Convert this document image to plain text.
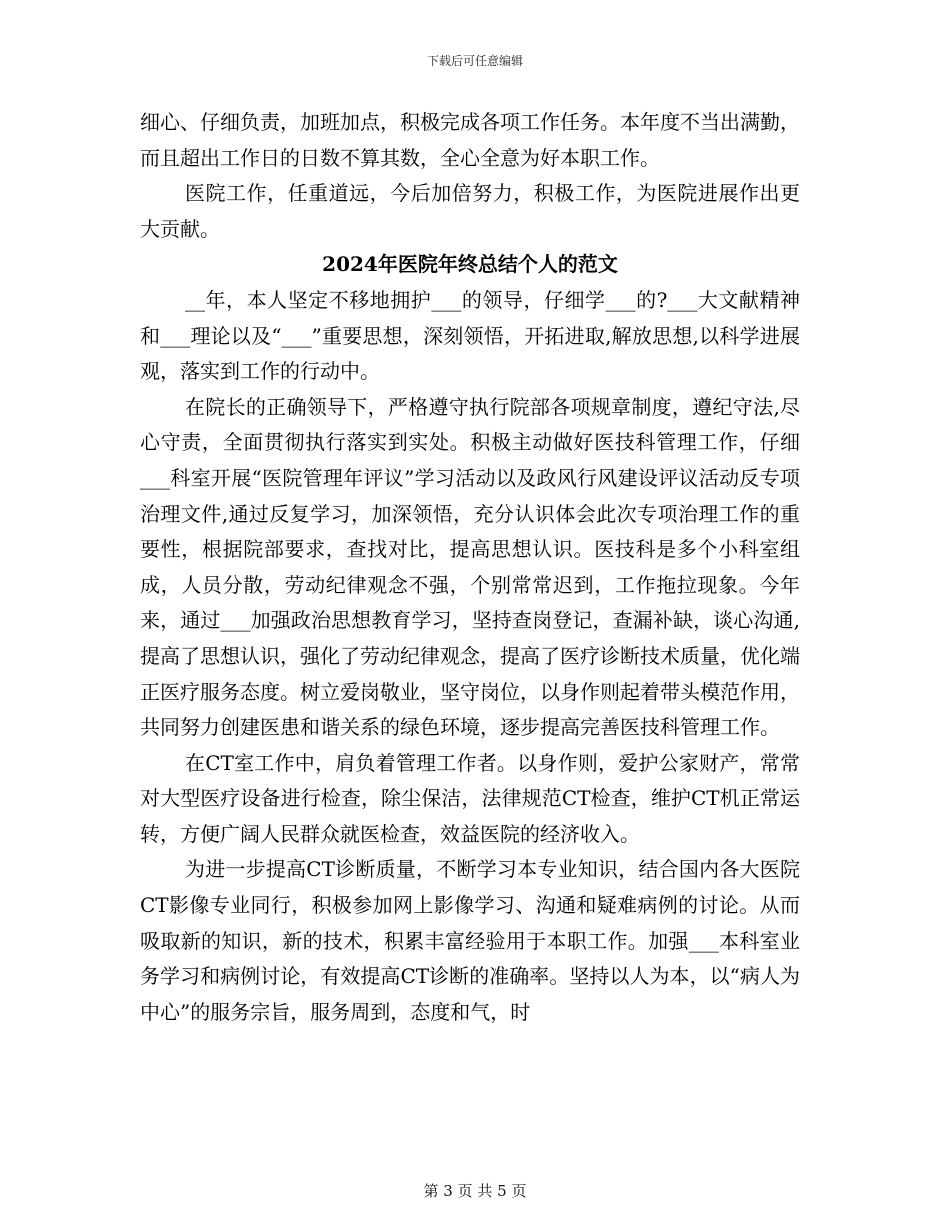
下载后可任意编辑

细心、仔细负责，加班加点，积极完成各项工作任务。本年度不当出满勤，而且超出工作日的日数不算其数，全心全意为好本职工作。

医院工作，任重道远，今后加倍努力，积极工作，为医院进展作出更大贡献。

2024年医院年终总结个人的范文

__年，本人坚定不移地拥护___的领导，仔细学___的?___大文献精神和___理论以及“___”重要思想，深刻领悟，开拓进取,解放思想,以科学进展观，落实到工作的行动中。

在院长的正确领导下，严格遵守执行院部各项规章制度，遵纪守法,尽心守责，全面贯彻执行落实到实处。积极主动做好医技科管理工作，仔细___科室开展“医院管理年评议”学习活动以及政风行风建设评议活动反专项治理文件,通过反复学习，加深领悟，充分认识体会此次专项治理工作的重要性，根据院部要求，查找对比，提高思想认识。医技科是多个小科室组成，人员分散，劳动纪律观念不强，个别常常迟到，工作拖拉现象。今年来，通过___加强政治思想教育学习，坚持查岗登记，查漏补缺，谈心沟通,提高了思想认识，强化了劳动纪律观念，提高了医疗诊断技术质量，优化端正医疗服务态度。树立爱岗敬业，坚守岗位，以身作则起着带头模范作用，共同努力创建医患和谐关系的绿色环境，逐步提高完善医技科管理工作。

在CT室工作中，肩负着管理工作者。以身作则，爱护公家财产，常常对大型医疗设备进行检查，除尘保洁，法律规范CT检查，维护CT机正常运转，方便广阔人民群众就医检查，效益医院的经济收入。

为进一步提高CT诊断质量，不断学习本专业知识，结合国内各大医院CT影像专业同行，积极参加网上影像学习、沟通和疑难病例的讨论。从而吸取新的知识，新的技术，积累丰富经验用于本职工作。加强___本科室业务学习和病例讨论，有效提高CT诊断的准确率。坚持以人为本，以“病人为中心”的服务宗旨，服务周到，态度和气，时

第 3 页 共 5 页
